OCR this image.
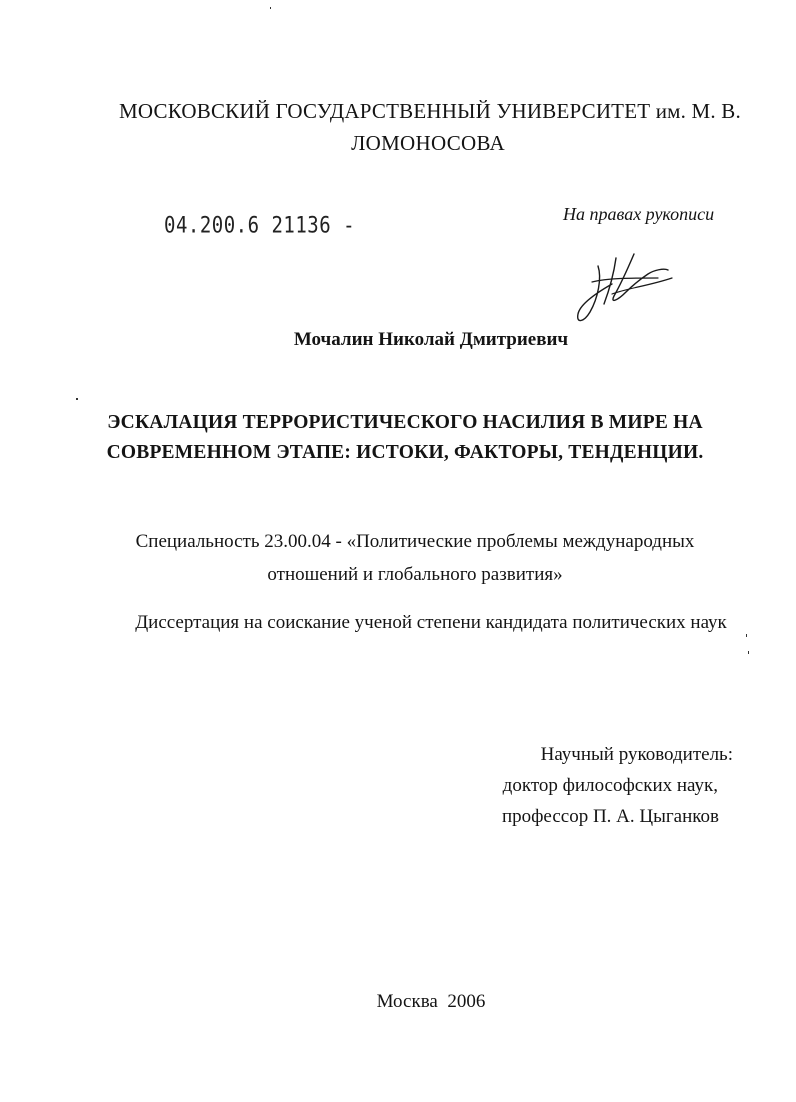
МОСКОВСКИЙ ГОСУДАРСТВЕННЫЙ УНИВЕРСИТЕТ им. М. В.
ЛОМОНОСОВА
04.200.6 21136 -	На правах рукописи
Мочалин Николай Дмитриевич
ЭСКАЛАЦИЯ ТЕРРОРИСТИЧЕСКОГО НАСИЛИЯ В МИРЕ НА
СОВРЕМЕННОМ ЭТАПЕ: ИСТОКИ, ФАКТОРЫ, ТЕНДЕНЦИИ.
Специальность 23.00.04 - «Политические проблемы международных
отношений и глобального развития»
Диссертация на соискание ученой степени кандидата политических наук
Научный руководитель:
доктор философских наук,
профессор П. А. Цыганков
Москва  2006
